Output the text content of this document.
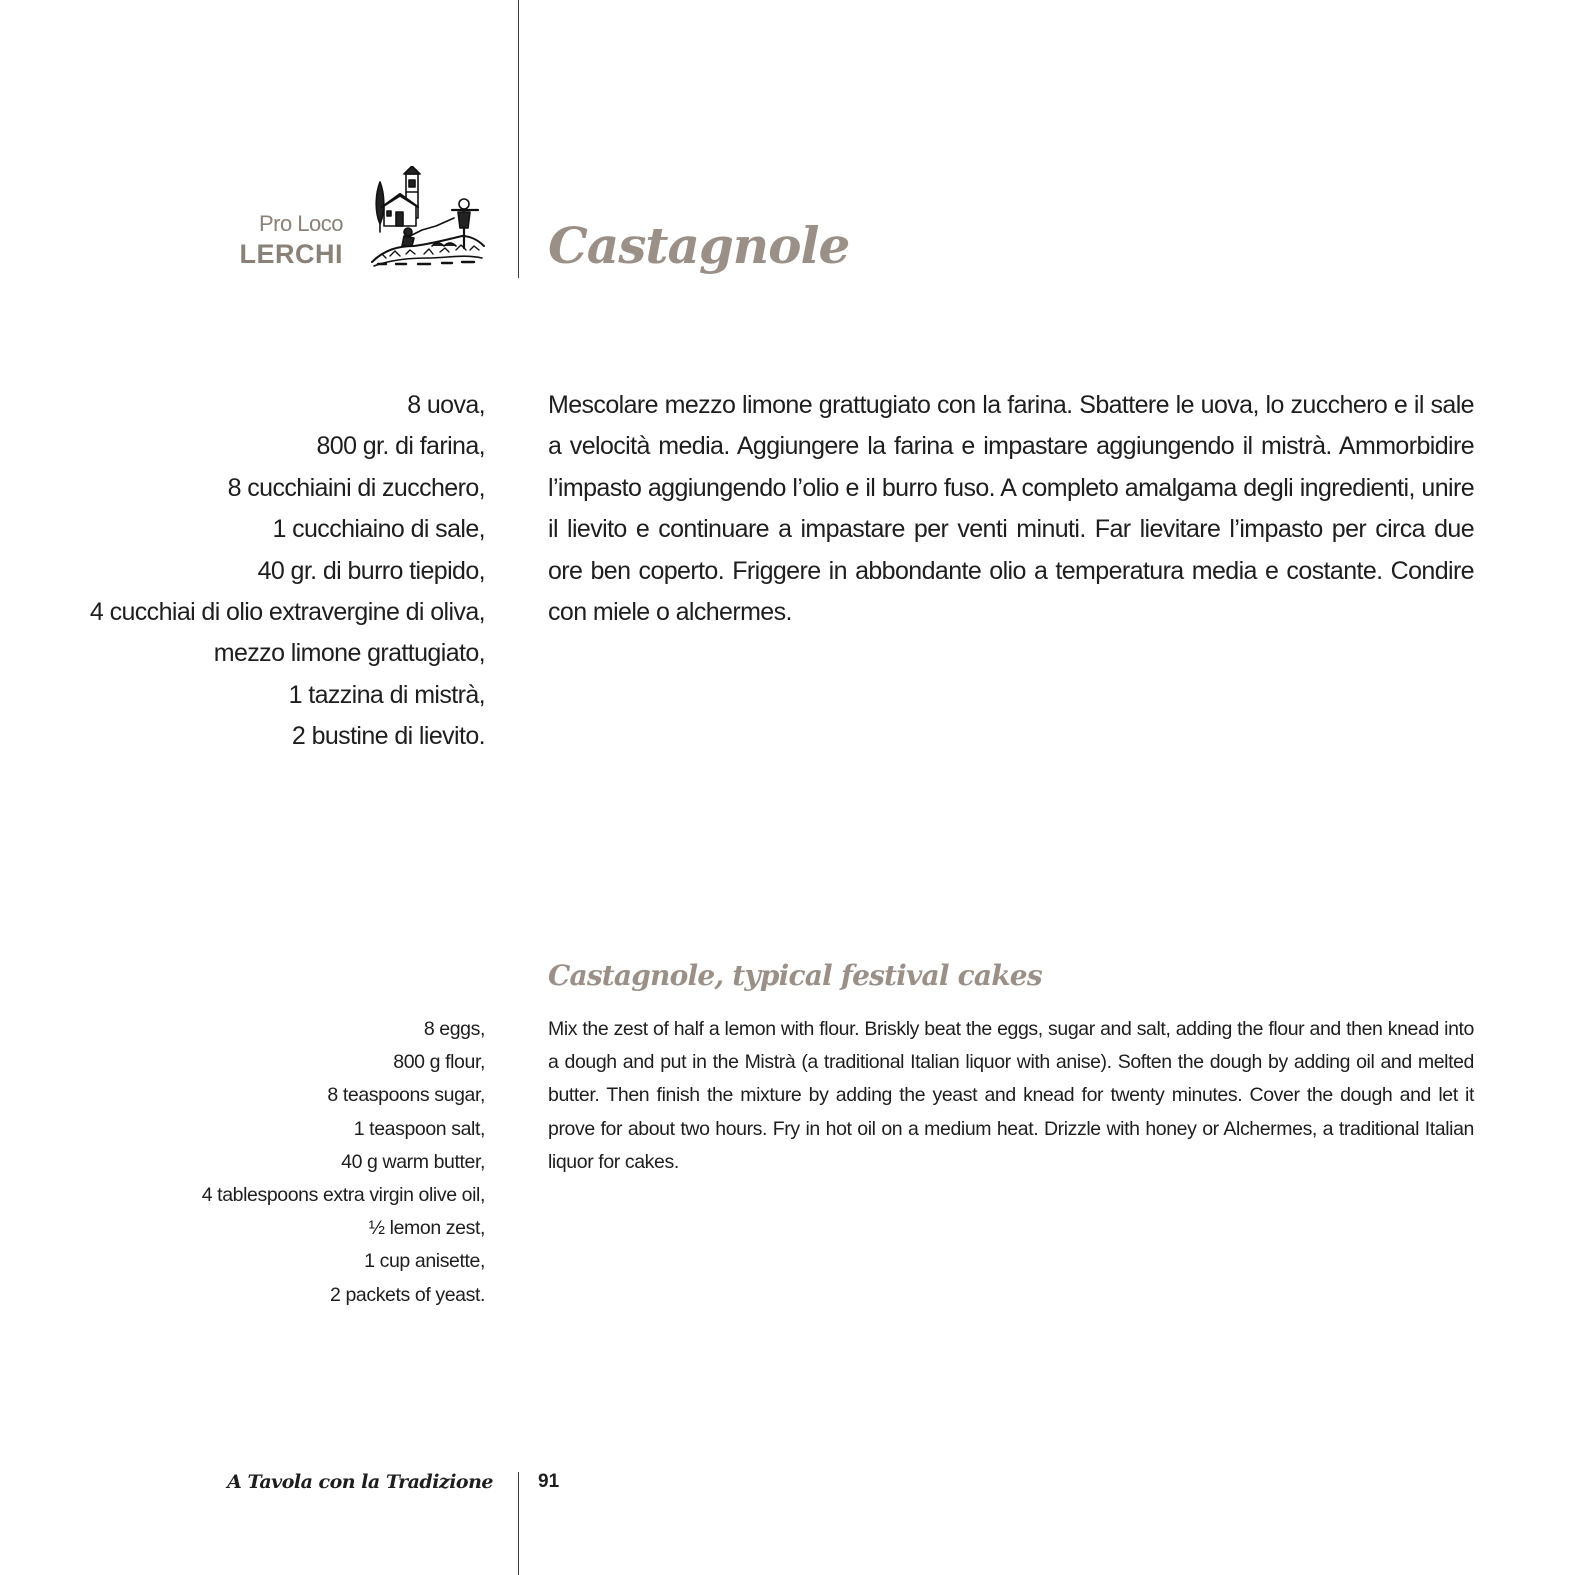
Pro Loco
LERCHI	Castagnole
8 uova,
800 gr. di farina,
8 cucchiaini di zucchero,
1 cucchiaino di sale,
40 gr. di burro tiepido,
4 cucchiai di olio extravergine di oliva,
mezzo limone grattugiato,
1 tazzina di mistrà,
2 bustine di lievito.

Mescolare mezzo limone grattugiato con la farina. Sbattere le uova, lo zucchero e il sale a velocità media. Aggiungere la farina e impastare aggiungendo il mistrà. Ammorbidire l’impasto aggiungendo l’olio e il burro fuso. A completo amalgama degli ingredienti, unire il lievito e continuare a impastare per venti minuti. Far lievitare l’impasto per circa due ore ben coperto. Friggere in abbondante olio a temperatura media e costante. Condire con miele o alchermes.

Castagnole, typical festival cakes
8 eggs,
800 g flour,
8 teaspoons sugar,
1 teaspoon salt,
40 g warm butter,
4 tablespoons extra virgin olive oil,
½ lemon zest,
1 cup anisette,
2 packets of yeast.

Mix the zest of half a lemon with flour. Briskly beat the eggs, sugar and salt, adding the flour and then knead into a dough and put in the Mistrà (a traditional Italian liquor with anise). Soften the dough by adding oil and melted butter. Then finish the mixture by adding the yeast and knead for twenty minutes. Cover the dough and let it prove for about two hours. Fry in hot oil on a medium heat. Drizzle with honey or Alchermes, a traditional Italian liquor for cakes.

A Tavola con la Tradizione 91
